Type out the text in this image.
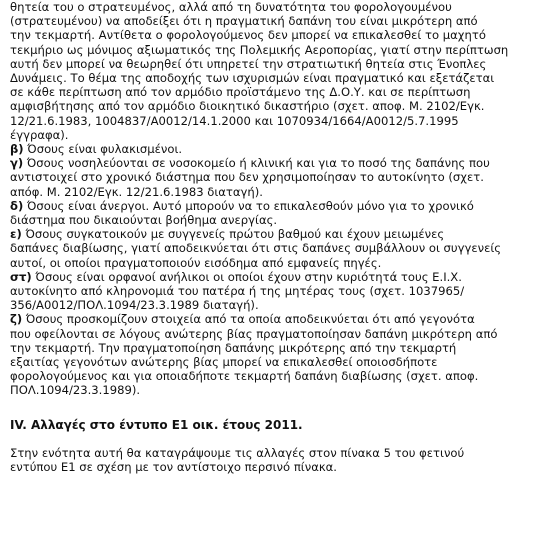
θητεία του ο στρατευμένος, αλλά από τη δυνατότητα του φορολογουμένου
(στρατευμένου) να αποδείξει ότι η πραγματική δαπάνη του είναι μικρότερη από
την τεκμαρτή. Αντίθετα ο φορολογούμενος δεν μπορεί να επικαλεσθεί το μαχητό
τεκμήριο ως μόνιμος αξιωματικός της Πολεμικής Αεροπορίας, γιατί στην περίπτωση
αυτή δεν μπορεί να θεωρηθεί ότι υπηρετεί την στρατιωτική θητεία στις Ένοπλες
Δυνάμεις. Το θέμα της αποδοχής των ισχυρισμών είναι πραγματικό και εξετάζεται
σε κάθε περίπτωση από τον αρμόδιο προϊστάμενο της Δ.Ο.Υ. και σε περίπτωση
αμφισβήτησης από τον αρμόδιο διοικητικό δικαστήριο (σχετ. αποφ. Μ. 2102/Εγκ.
12/21.6.1983, 1004837/Α0012/14.1.2000 και 1070934/1664/Α0012/5.7.1995
έγγραφα).
β) Όσους είναι φυλακισμένοι.
γ) Όσους νοσηλεύονται σε νοσοκομείο ή κλινική και για το ποσό της δαπάνης που
αντιστοιχεί στο χρονικό διάστημα που δεν χρησιμοποίησαν το αυτοκίνητο (σχετ.
απόφ. Μ. 2102/Εγκ. 12/21.6.1983 διαταγή).
δ) Όσους είναι άνεργοι. Αυτό μπορούν να το επικαλεσθούν μόνο για το χρονικό
διάστημα που δικαιούνται βοήθημα ανεργίας.
ε) Όσους συγκατοικούν με συγγενείς πρώτου βαθμού και έχουν μειωμένες
δαπάνες διαβίωσης, γιατί αποδεικνύεται ότι στις δαπάνες συμβάλλουν οι συγγενείς
αυτοί, οι οποίοι πραγματοποιούν εισόδημα από εμφανείς πηγές.
στ) Όσους είναι ορφανοί ανήλικοι οι οποίοι έχουν στην κυριότητά τους Ε.Ι.Χ.
αυτοκίνητο από κληρονομιά του πατέρα ή της μητέρας τους (σχετ. 1037965/
356/Α0012/ΠΟΛ.1094/23.3.1989 διαταγή).
ζ) Όσους προσκομίζουν στοιχεία από τα οποία αποδεικνύεται ότι από γεγονότα
που οφείλονται σε λόγους ανώτερης βίας πραγματοποίησαν δαπάνη μικρότερη από
την τεκμαρτή. Την πραγματοποίηση δαπάνης μικρότερης από την τεκμαρτή
εξαιτίας γεγονότων ανώτερης βίας μπορεί να επικαλεσθεί οποιοσδήποτε
φορολογούμενος και για οποιαδήποτε τεκμαρτή δαπάνη διαβίωσης (σχετ. αποφ.
ΠΟΛ.1094/23.3.1989).
IV. Αλλαγές στο έντυπο Ε1 οικ. έτους 2011.
Στην ενότητα αυτή θα καταγράψουμε τις αλλαγές στον πίνακα 5 του φετινού
εντύπου Ε1 σε σχέση με τον αντίστοιχο περσινό πίνακα.
